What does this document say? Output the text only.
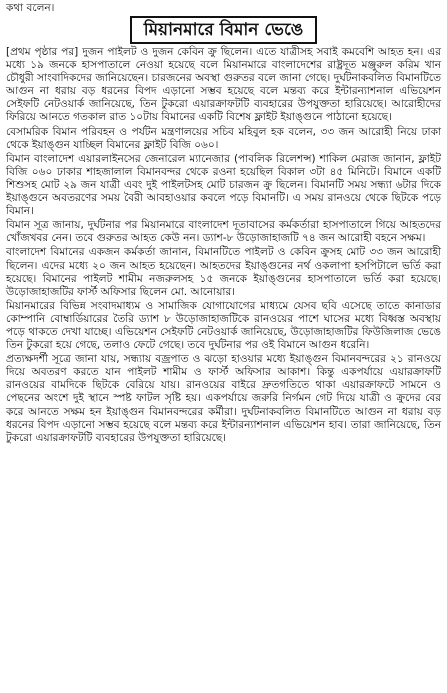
কথা বলেন।

মিয়ানমারে বিমান ভেঙে

[প্রথম পৃষ্ঠার পর] দুজন পাইলট ও দুজন কেবিন ক্রু ছিলেন। এতে যাত্রীসহ সবাই কমবেশি আহত হন। এর মধ্যে ১৯ জনকে হাসপাতালে নেওয়া হয়েছে বলে মিয়ানমারে বাংলাদেশের রাষ্ট্রদূত মঞ্জুরুল করিম খান চৌধুরী সাংবাদিকদের জানিয়েছেন। চারজনের অবস্থা গুরুতর বলে জানা গেছে। দুর্ঘটনাকবলিত বিমানটিতে আগুন না ধরায় বড় ধরনের বিপদ এড়ানো সম্ভব হয়েছে বলে মন্তব্য করে ইন্টারন্যাশনাল এভিয়েশন সেইফটি নেটওয়ার্ক জানিয়েছে, তিন টুকরো এয়ারক্রাফটটি ব্যবহারের উপযুক্ততা হারিয়েছে। আরোহীদের ফিরিয়ে আনতে গতকাল রাত ১০টায় বিমানের একটি বিশেষ ফ্লাইট ইয়াঙ্গুনে পাঠানো হয়েছে।

বেসামরিক বিমান পরিবহন ও পর্যটন মন্ত্রণালয়ের সচিব মহিবুল হক বলেন, ৩৩ জন আরোহী নিয়ে ঢাকা থেকে ইয়াঙ্গুন যাচ্ছিল বিমানের ফ্লাইট বিজি ০৬০।

বিমান বাংলাদেশ এয়ারলাইনসের জেনারেল ম্যানেজার (পাবলিক রিলেশন্স) শাকিল মেরাজ জানান, ফ্লাইট বিজি ০৬০ ঢাকার শাহজালাল বিমানবন্দর থেকে রওনা হয়েছিল বিকাল ৩টা ৪৫ মিনিটে। বিমানে একটি শিশুসহ মোট ২৯ জন যাত্রী এবং দুই পাইলটসহ মোট চারজন ক্রু ছিলেন। বিমানটি সময় সন্ধ্যা ৬টার দিকে ইয়াঙ্গুনে অবতরণের সময় বৈরী আবহাওয়ার কবলে পড়ে বিমানটি। এ সময় রানওয়ে থেকে ছিটকে পড়ে বিমান।

বিমান সূত্র জানায়, দুর্ঘটনার পর মিয়ানমারে বাংলাদেশ দূতাবাসের কর্মকর্তারা হাসপাতালে গিয়ে আহতদের খোঁজখবর নেন। তবে গুরুতর আহত কেউ নন। ড্যাশ-৮ উড়োজাহাজটি ৭৪ জন আরোহী বহনে সক্ষম।

বাংলাদেশ বিমানের একজন কর্মকর্তা জানান, বিমানটিতে পাইলট ও কেবিন ক্রুসহ মোট ৩৩ জন আরোহী ছিলেন। এদের মধ্যে ২০ জন আহত হয়েছেন। আহতদের ইয়াঙ্গুনের নর্থ ওকলাপা হসপিটালে ভর্তি করা হয়েছে। বিমানের পাইলট শামীম নজরুলসহ ১৫ জনকে ইয়াঙ্গুনের হাসপাতালে ভর্তি করা হয়েছে। উড়োজাহাজটির ফার্স্ট অফিসার ছিলেন মো. আনোয়ার।

মিয়ানমারের বিভিন্ন সংবাদমাধ্যম ও সামাজিক যোগাযোগের মাধ্যমে যেসব ছবি এসেছে তাতে কানাডার কোম্পানি বোম্বার্ডিয়ারের তৈরি ড্যাশ ৮ উড়োজাহাজটিকে রানওয়ের পাশে ঘাসের মধ্যে বিধ্বস্ত অবস্থায় পড়ে থাকতে দেখা যাচ্ছে। এভিয়েশন সেইফটি নেটওয়ার্ক জানিয়েছে, উড়োজাহাজটির ফিউজিলাজ ভেঙে তিন টুকরো হয়ে গেছে, তলাও ফেটে গেছে। তবে দুর্ঘটনার পর ওই বিমানে আগুন ধরেনি।

প্রত্যক্ষদর্শী সূত্রে জানা যায়, সন্ধ্যায় বজ্রপাত ও ঝড়ো হাওয়ার মধ্যে ইয়াঙ্গুন বিমানবন্দরের ২১ রানওয়ে দিয়ে অবতরণ করতে যান পাইলট শামীম ও ফার্স্ট অফিসার আকাশ। কিন্তু একপর্যায়ে এয়ারক্রাফটি রানওয়ের বামদিকে ছিটকে বেরিয়ে যায়। রানওয়ের বাইরে দ্রুতগতিতে থাকা এয়ারক্রাফটে সামনে ও পেছনের অংশে দুই স্থানে স্পষ্ট ফাটল সৃষ্টি হয়। একপর্যায়ে জরুরি নির্গমন গেট দিয়ে যাত্রী ও ক্রুদের বের করে আনতে সক্ষম হন ইয়াঙ্গুন বিমানবন্দরের কর্মীরা। দুর্ঘটনাকবলিত বিমানটিতে আগুন না ধরায় বড় ধরনের বিপদ এড়ানো সম্ভব হয়েছে বলে মন্তব্য করে ইন্টারন্যাশনাল এভিয়েশন হাব। তারা জানিয়েছে, তিন টুকরো এয়ারক্রাফটটি ব্যবহারের উপযুক্ততা হারিয়েছে।
